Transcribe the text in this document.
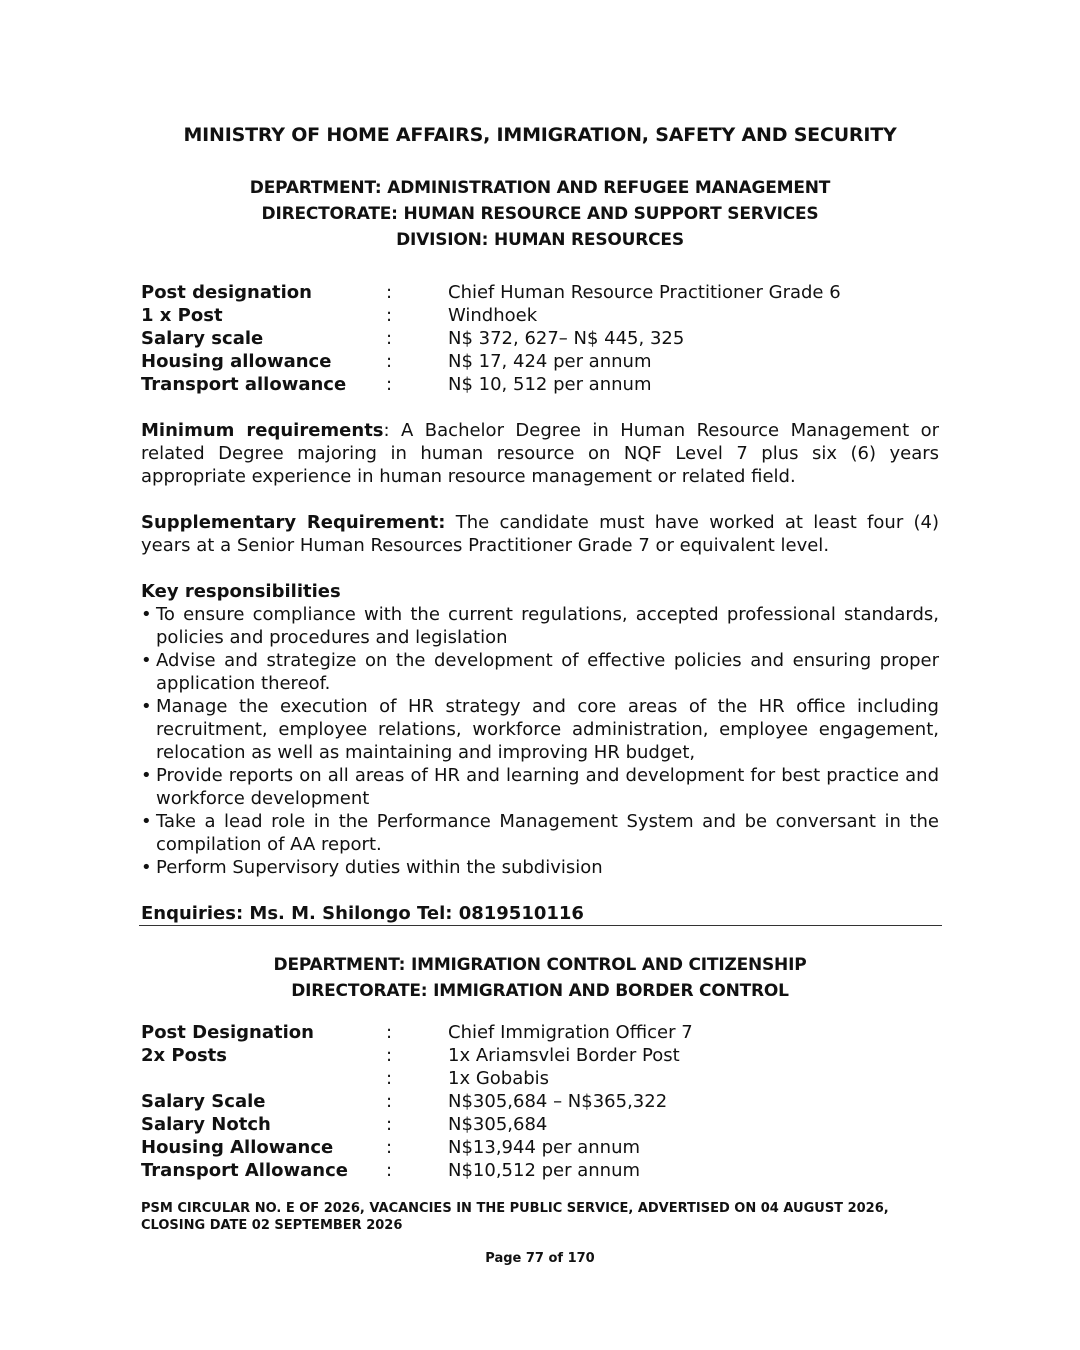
MINISTRY OF HOME AFFAIRS, IMMIGRATION, SAFETY AND SECURITY
DEPARTMENT: ADMINISTRATION AND REFUGEE MANAGEMENT
DIRECTORATE: HUMAN RESOURCE AND SUPPORT SERVICES
DIVISION: HUMAN RESOURCES
Post designation	:	Chief Human Resource Practitioner Grade 6
1 x Post	:	Windhoek
Salary scale	:	N$ 372, 627– N$ 445, 325
Housing allowance	:	N$ 17, 424 per annum
Transport allowance :	N$ 10, 512 per annum
Minimum requirements: A Bachelor Degree in Human Resource Management or related Degree majoring in human resource on NQF Level 7 plus six (6) years appropriate experience in human resource management or related field.
Supplementary Requirement: The candidate must have worked at least four (4) years at a Senior Human Resources Practitioner Grade 7 or equivalent level.
Key responsibilities
• To ensure compliance with the current regulations, accepted professional standards, policies and procedures and legislation
• Advise and strategize on the development of effective policies and ensuring proper application thereof.
• Manage the execution of HR strategy and core areas of the HR office including recruitment, employee relations, workforce administration, employee engagement, relocation as well as maintaining and improving HR budget,
• Provide reports on all areas of HR and learning and development for best practice and workforce development
• Take a lead role in the Performance Management System and be conversant in the compilation of AA report.
• Perform Supervisory duties within the subdivision
Enquiries: Ms. M. Shilongo Tel: 0819510116
DEPARTMENT: IMMIGRATION CONTROL AND CITIZENSHIP
DIRECTORATE: IMMIGRATION AND BORDER CONTROL
Post Designation	:	Chief Immigration Officer 7
2x Posts	:	1x Ariamsvlei Border Post
:	1x Gobabis
Salary Scale	:	N$305,684 – N$365,322
Salary Notch	:	N$305,684
Housing Allowance	:	N$13,944 per annum
Transport Allowance :	N$10,512 per annum
PSM CIRCULAR NO. E OF 2026, VACANCIES IN THE PUBLIC SERVICE, ADVERTISED ON 04 AUGUST 2026, CLOSING DATE 02 SEPTEMBER 2026
Page 77 of 170
